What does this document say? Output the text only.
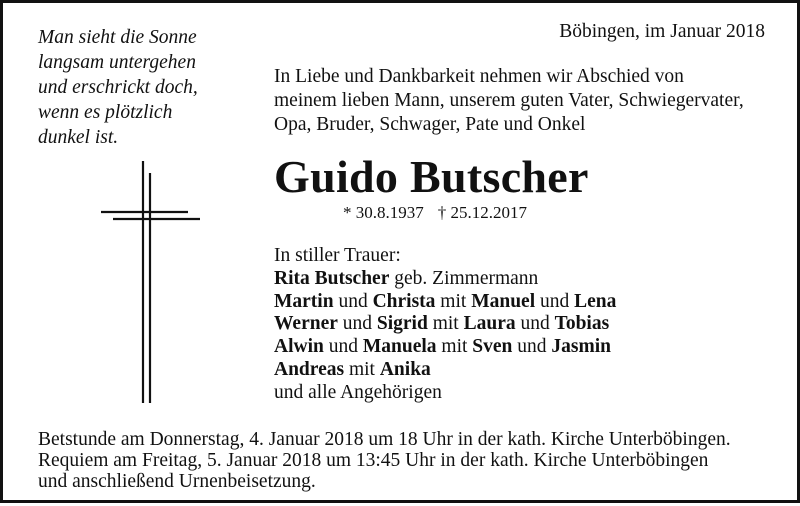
Man sieht die Sonne
langsam untergehen
und erschrickt doch,
wenn es plötzlich
dunkel ist.
Böbingen, im Januar 2018
In Liebe und Dankbarkeit nehmen wir Abschied von
meinem lieben Mann, unserem guten Vater, Schwiegervater,
Opa, Bruder, Schwager, Pate und Onkel
Guido Butscher
* 30.8.1937 † 25.12.2017
In stiller Trauer:
Rita Butscher geb. Zimmermann
Martin und Christa mit Manuel und Lena
Werner und Sigrid mit Laura und Tobias
Alwin und Manuela mit Sven und Jasmin
Andreas mit Anika
und alle Angehörigen
Betstunde am Donnerstag, 4. Januar 2018 um 18 Uhr in der kath. Kirche Unterböbingen.
Requiem am Freitag, 5. Januar 2018 um 13:45 Uhr in der kath. Kirche Unterböbingen
und anschließend Urnenbeisetzung.
